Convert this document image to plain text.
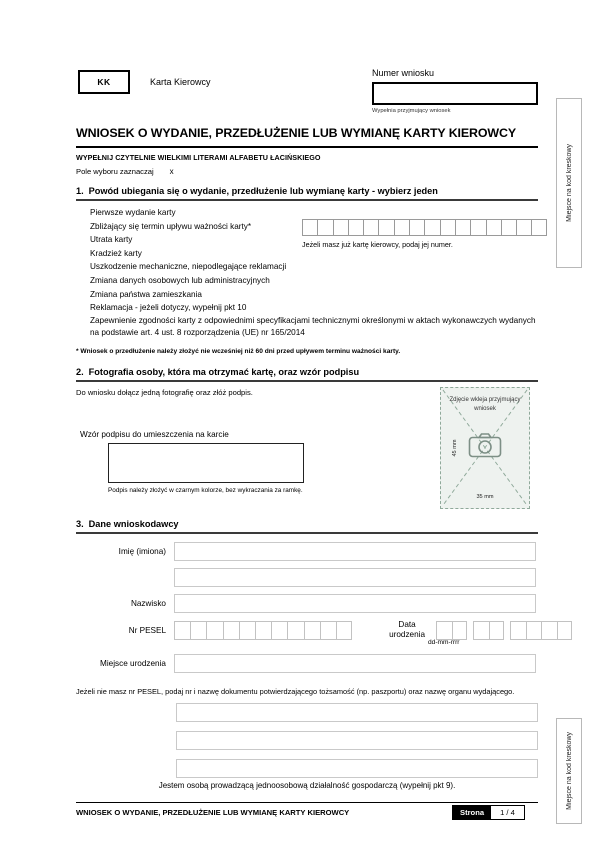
KK	Karta Kierowcy
Numer wniosku
Wypełnia przyjmujący wniosek
Miejsce na kod kreskowy
Miejsce na kod kreskowy
WNIOSEK O WYDANIE, PRZEDŁUŻENIE LUB WYMIANĘ KARTY KIEROWCY
WYPEŁNIJ CZYTELNIE WIELKIMI LITERAMI ALFABETU ŁACIŃSKIEGO
Pole wyboru zaznaczaj x
1. Powód ubiegania się o wydanie, przedłużenie lub wymianę karty - wybierz jeden
Pierwsze wydanie karty
Zbliżający się termin upływu ważności karty*
Utrata karty
Kradzież karty
Uszkodzenie mechaniczne, niepodlegające reklamacji
Zmiana danych osobowych lub administracyjnych
Zmiana państwa zamieszkania
Reklamacja - jeżeli dotyczy, wypełnij pkt 10
Zapewnienie zgodności karty z odpowiednimi specyfikacjami technicznymi określonymi w aktach wykonawczych wydanych na podstawie art. 4 ust. 8 rozporządzenia (UE) nr 165/2014
Jeżeli masz już kartę kierowcy, podaj jej numer.
* Wniosek o przedłużenie należy złożyć nie wcześniej niż 60 dni przed upływem terminu ważności karty.
2. Fotografia osoby, która ma otrzymać kartę, oraz wzór podpisu
Do wniosku dołącz jedną fotografię oraz złóż podpis.
Wzór podpisu do umieszczenia na karcie
Podpis należy złożyć w czarnym kolorze, bez wykraczania za ramkę.
Zdjęcie wkleja przyjmujący wniosek
45 mm
35 mm
3. Dane wnioskodawcy
Imię (imiona)
Nazwisko
Nr PESEL
Data urodzenia
dd-mm-rrrr
Miejsce urodzenia
Jeżeli nie masz nr PESEL, podaj nr i nazwę dokumentu potwierdzającego tożsamość (np. paszportu) oraz nazwę organu wydającego.
Jestem osobą prowadzącą jednoosobową działalność gospodarczą (wypełnij pkt 9).
WNIOSEK O WYDANIE, PRZEDŁUŻENIE LUB WYMIANĘ KARTY KIEROWCY	Strona	1 / 4
